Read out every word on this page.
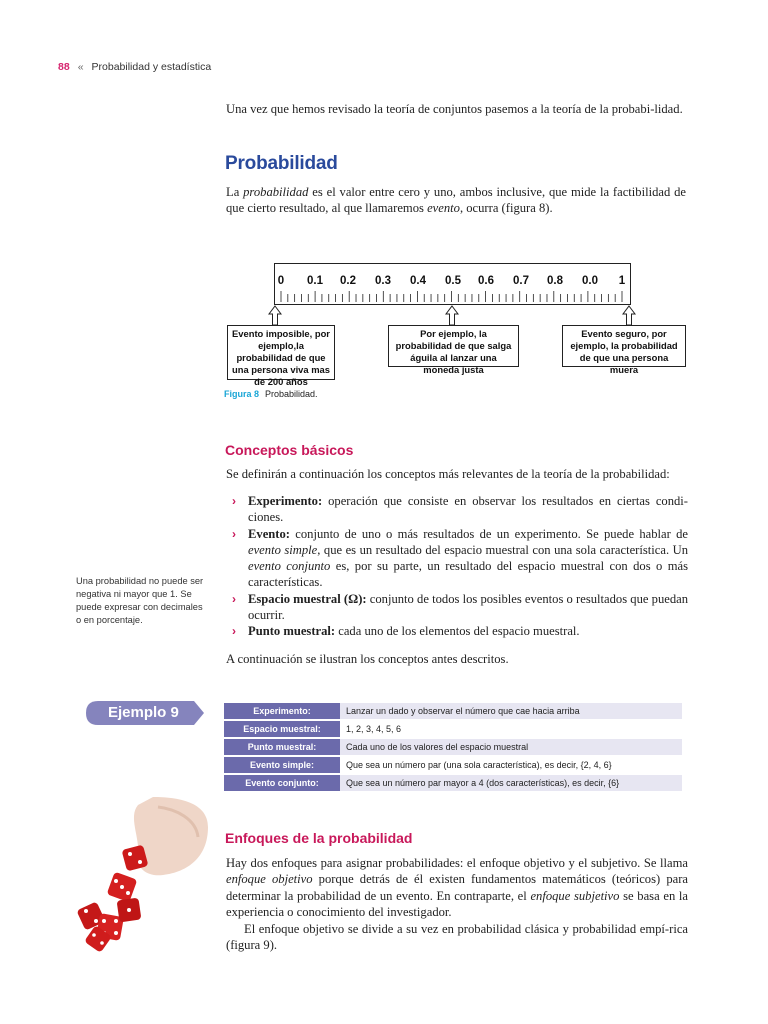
88 « Probabilidad y estadística
Una vez que hemos revisado la teoría de conjuntos pasemos a la teoría de la probabi-lidad.
Probabilidad
La probabilidad es el valor entre cero y uno, ambos inclusive, que mide la factibilidad de que cierto resultado, al que llamaremos evento, ocurra (figura 8).
0 0.1 0.2 0.3 0.4 0.5 0.6 0.7 0.8 0.0 1
Evento imposible, por ejemplo,la probabilidad de que una persona viva mas de 200 años
Por ejemplo, la probabilidad de que salga águila al lanzar una moneda justa
Evento seguro, por ejemplo, la probabilidad de que una persona muera
Figura 8 Probabilidad.
Conceptos básicos
Se definirán a continuación los conceptos más relevantes de la teoría de la probabilidad:
› Experimento: operación que consiste en observar los resultados en ciertas condi-ciones.
› Evento: conjunto de uno o más resultados de un experimento. Se puede hablar de evento simple, que es un resultado del espacio muestral con una sola característica. Un evento conjunto es, por su parte, un resultado del espacio muestral con dos o más características.
› Espacio muestral (Ω): conjunto de todos los posibles eventos o resultados que puedan ocurrir.
› Punto muestral: cada uno de los elementos del espacio muestral.
A continuación se ilustran los conceptos antes descritos.
Una probabilidad no puede ser negativa ni mayor que 1. Se puede expresar con decimales o en porcentaje.
Ejemplo 9	Experimento:	Lanzar un dado y observar el número que cae hacia arriba
Espacio muestral:	1, 2, 3, 4, 5, 6
Punto muestral:	Cada uno de los valores del espacio muestral
Evento simple:	Que sea un número par (una sola característica), es decir, {2, 4, 6}
Evento conjunto:	Que sea un número par mayor a 4 (dos características), es decir, {6}
Enfoques de la probabilidad
Hay dos enfoques para asignar probabilidades: el enfoque objetivo y el subjetivo. Se llama enfoque objetivo porque detrás de él existen fundamentos matemáticos (teóricos) para determinar la probabilidad de un evento. En contraparte, el enfoque subjetivo se basa en la experiencia o conocimiento del investigador.
El enfoque objetivo se divide a su vez en probabilidad clásica y probabilidad empí-rica (figura 9).
